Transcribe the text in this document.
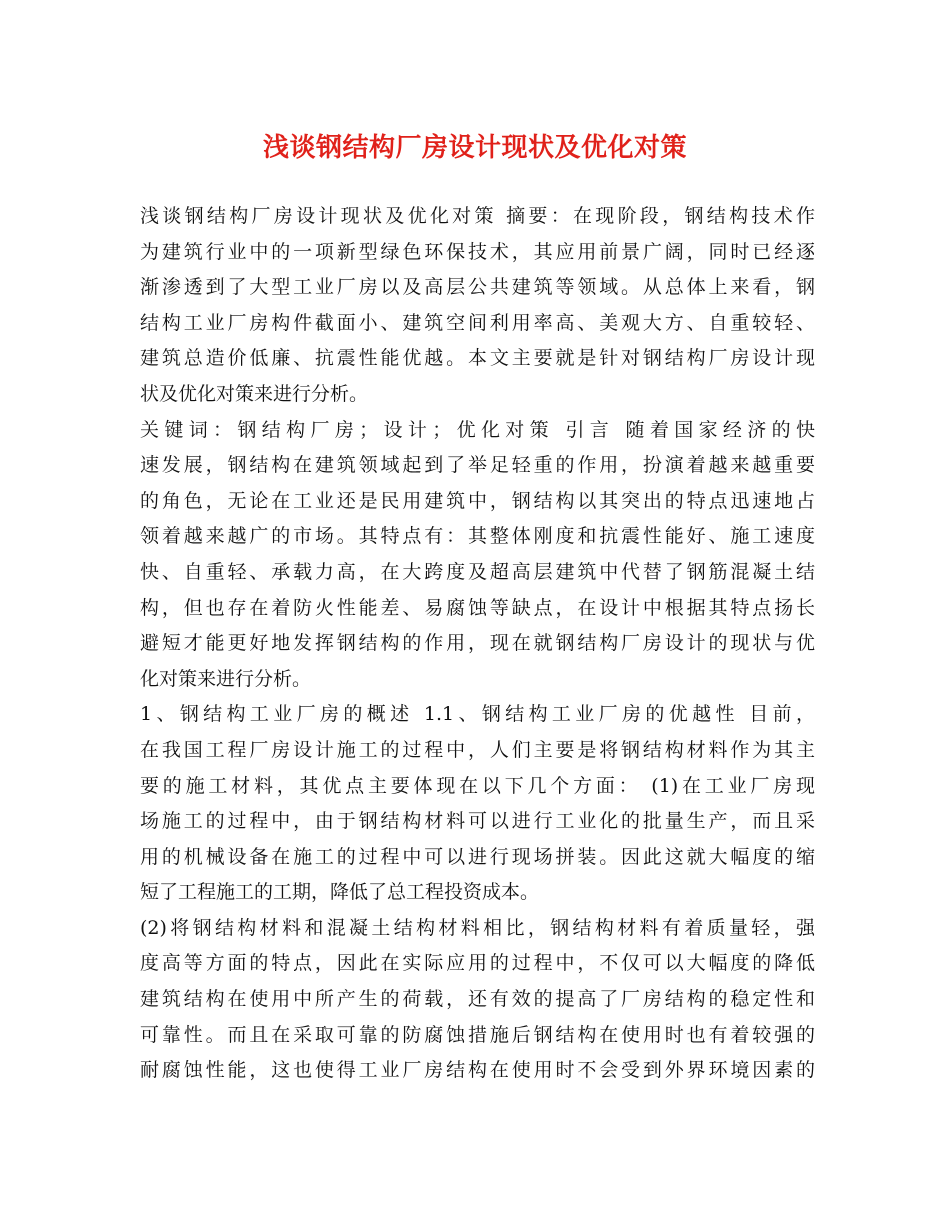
浅谈钢结构厂房设计现状及优化对策
浅谈钢结构厂房设计现状及优化对策 摘要：在现阶段，钢结构技术作
为建筑行业中的一项新型绿色环保技术，其应用前景广阔，同时已经逐
渐渗透到了大型工业厂房以及高层公共建筑等领域。从总体上来看，钢
结构工业厂房构件截面小、建筑空间利用率高、美观大方、自重较轻、
建筑总造价低廉、抗震性能优越。本文主要就是针对钢结构厂房设计现
状及优化对策来进行分析。
关键词：钢结构厂房；设计；优化对策 引言 随着国家经济的快
速发展，钢结构在建筑领域起到了举足轻重的作用，扮演着越来越重要
的角色，无论在工业还是民用建筑中，钢结构以其突出的特点迅速地占
领着越来越广的市场。其特点有：其整体刚度和抗震性能好、施工速度
快、自重轻、承载力高，在大跨度及超高层建筑中代替了钢筋混凝土结
构，但也存在着防火性能差、易腐蚀等缺点，在设计中根据其特点扬长
避短才能更好地发挥钢结构的作用，现在就钢结构厂房设计的现状与优
化对策来进行分析。
1、钢结构工业厂房的概述 1.1、钢结构工业厂房的优越性 目前，
在我国工程厂房设计施工的过程中，人们主要是将钢结构材料作为其主
要的施工材料，其优点主要体现在以下几个方面： (1)在工业厂房现
场施工的过程中，由于钢结构材料可以进行工业化的批量生产，而且采
用的机械设备在施工的过程中可以进行现场拼装。因此这就大幅度的缩
短了工程施工的工期，降低了总工程投资成本。
(2)将钢结构材料和混凝土结构材料相比，钢结构材料有着质量轻，强
度高等方面的特点，因此在实际应用的过程中，不仅可以大幅度的降低
建筑结构在使用中所产生的荷载，还有效的提高了厂房结构的稳定性和
可靠性。而且在采取可靠的防腐蚀措施后钢结构在使用时也有着较强的
耐腐蚀性能，这也使得工业厂房结构在使用时不会受到外界环境因素的
